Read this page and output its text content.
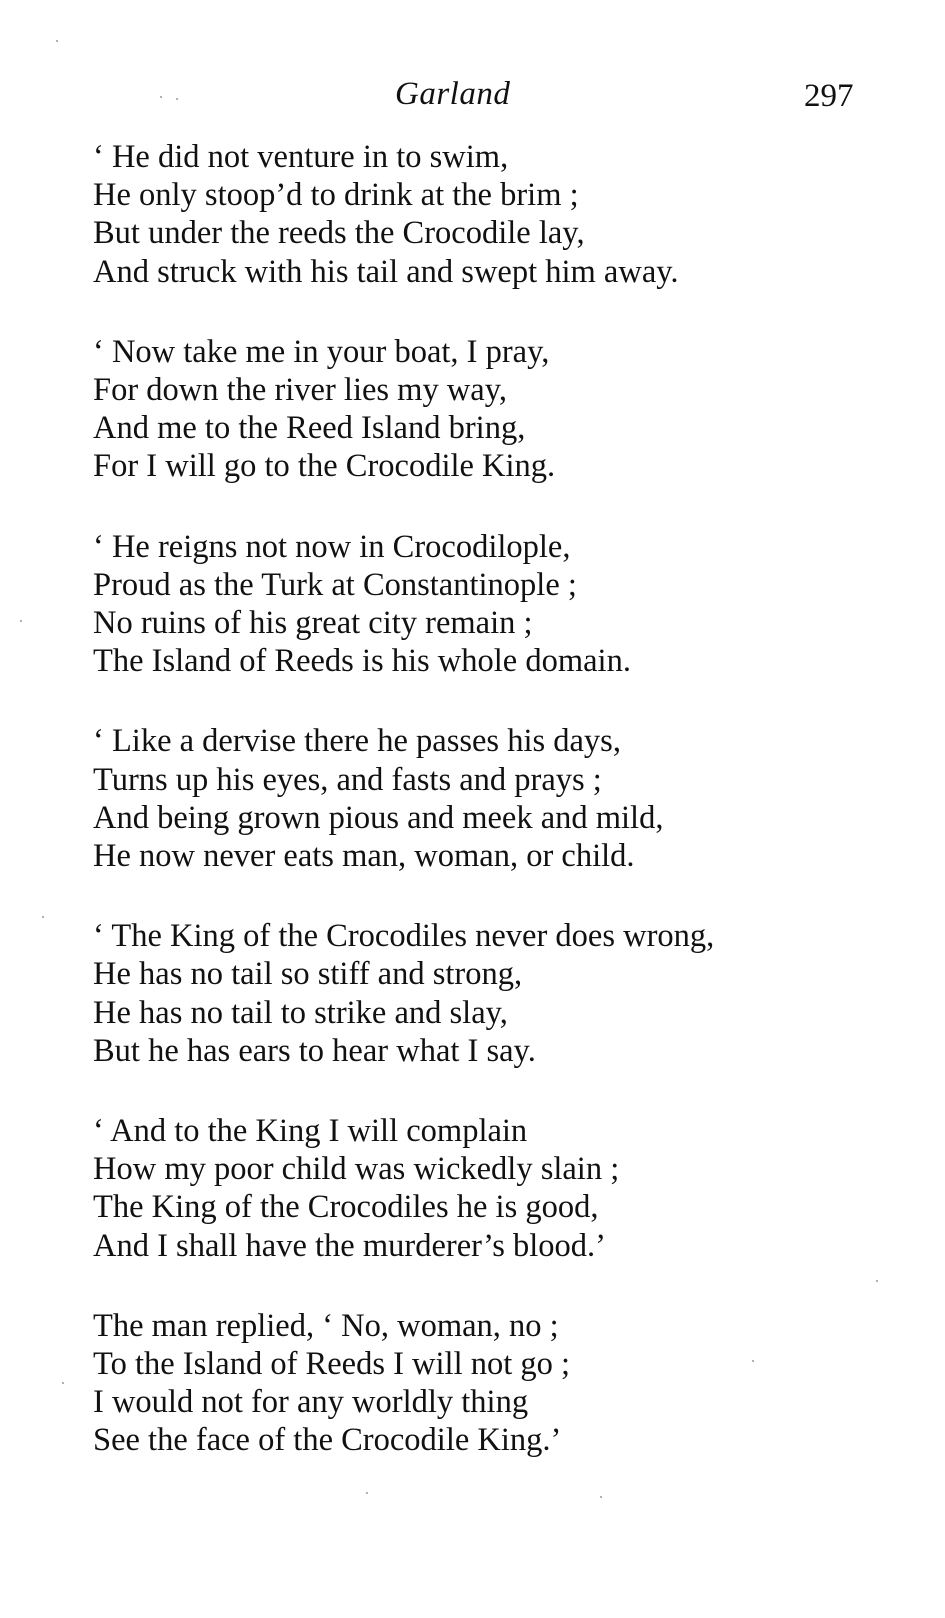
Garland	297
‘ He did not venture in to swim,
He only stoop’d to drink at the brim ;
But under the reeds the Crocodile lay,
And struck with his tail and swept him away.
‘ Now take me in your boat, I pray,
For down the river lies my way,
And me to the Reed Island bring,
For I will go to the Crocodile King.
‘ He reigns not now in Crocodilople,
Proud as the Turk at Constantinople ;
No ruins of his great city remain ;
The Island of Reeds is his whole domain.
‘ Like a dervise there he passes his days,
Turns up his eyes, and fasts and prays ;
And being grown pious and meek and mild,
He now never eats man, woman, or child.
‘ The King of the Crocodiles never does wrong,
He has no tail so stiff and strong,
He has no tail to strike and slay,
But he has ears to hear what I say.
‘ And to the King I will complain
How my poor child was wickedly slain ;
The King of the Crocodiles he is good,
And I shall have the murderer’s blood.’
The man replied, ‘ No, woman, no ;
To the Island of Reeds I will not go ;
I would not for any worldly thing
See the face of the Crocodile King.’
